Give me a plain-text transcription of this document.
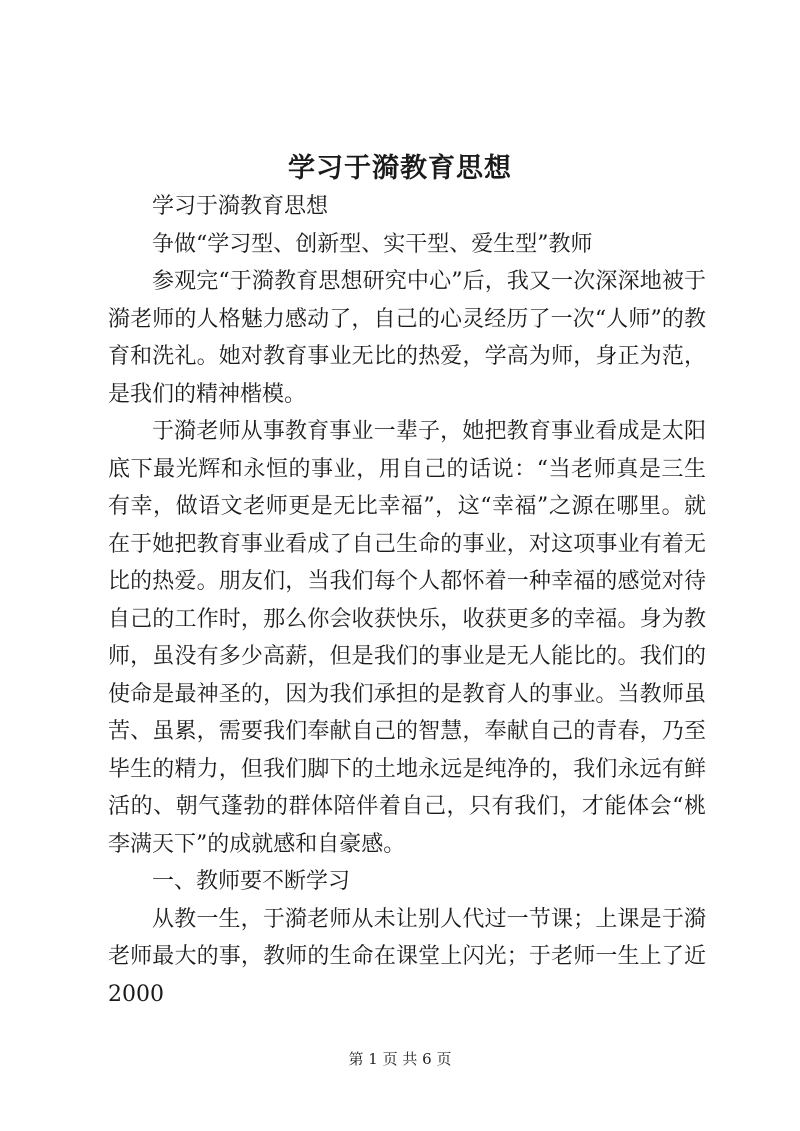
学习于漪教育思想

学习于漪教育思想

争做“学习型、创新型、实干型、爱生型”教师

参观完“于漪教育思想研究中心”后，我又一次深深地被于漪老师的人格魅力感动了，自己的心灵经历了一次“人师”的教育和洗礼。她对教育事业无比的热爱，学高为师，身正为范，是我们的精神楷模。

于漪老师从事教育事业一辈子，她把教育事业看成是太阳底下最光辉和永恒的事业，用自己的话说：“当老师真是三生有幸，做语文老师更是无比幸福”，这“幸福”之源在哪里。就在于她把教育事业看成了自己生命的事业，对这项事业有着无比的热爱。朋友们，当我们每个人都怀着一种幸福的感觉对待自己的工作时，那么你会收获快乐，收获更多的幸福。身为教师，虽没有多少高薪，但是我们的事业是无人能比的。我们的使命是最神圣的，因为我们承担的是教育人的事业。当教师虽苦、虽累，需要我们奉献自己的智慧，奉献自己的青春，乃至毕生的精力，但我们脚下的土地永远是纯净的，我们永远有鲜活的、朝气蓬勃的群体陪伴着自己，只有我们，才能体会“桃李满天下”的成就感和自豪感。

一、教师要不断学习

从教一生，于漪老师从未让别人代过一节课；上课是于漪老师最大的事，教师的生命在课堂上闪光；于老师一生上了近2000

第 1 页 共 6 页
